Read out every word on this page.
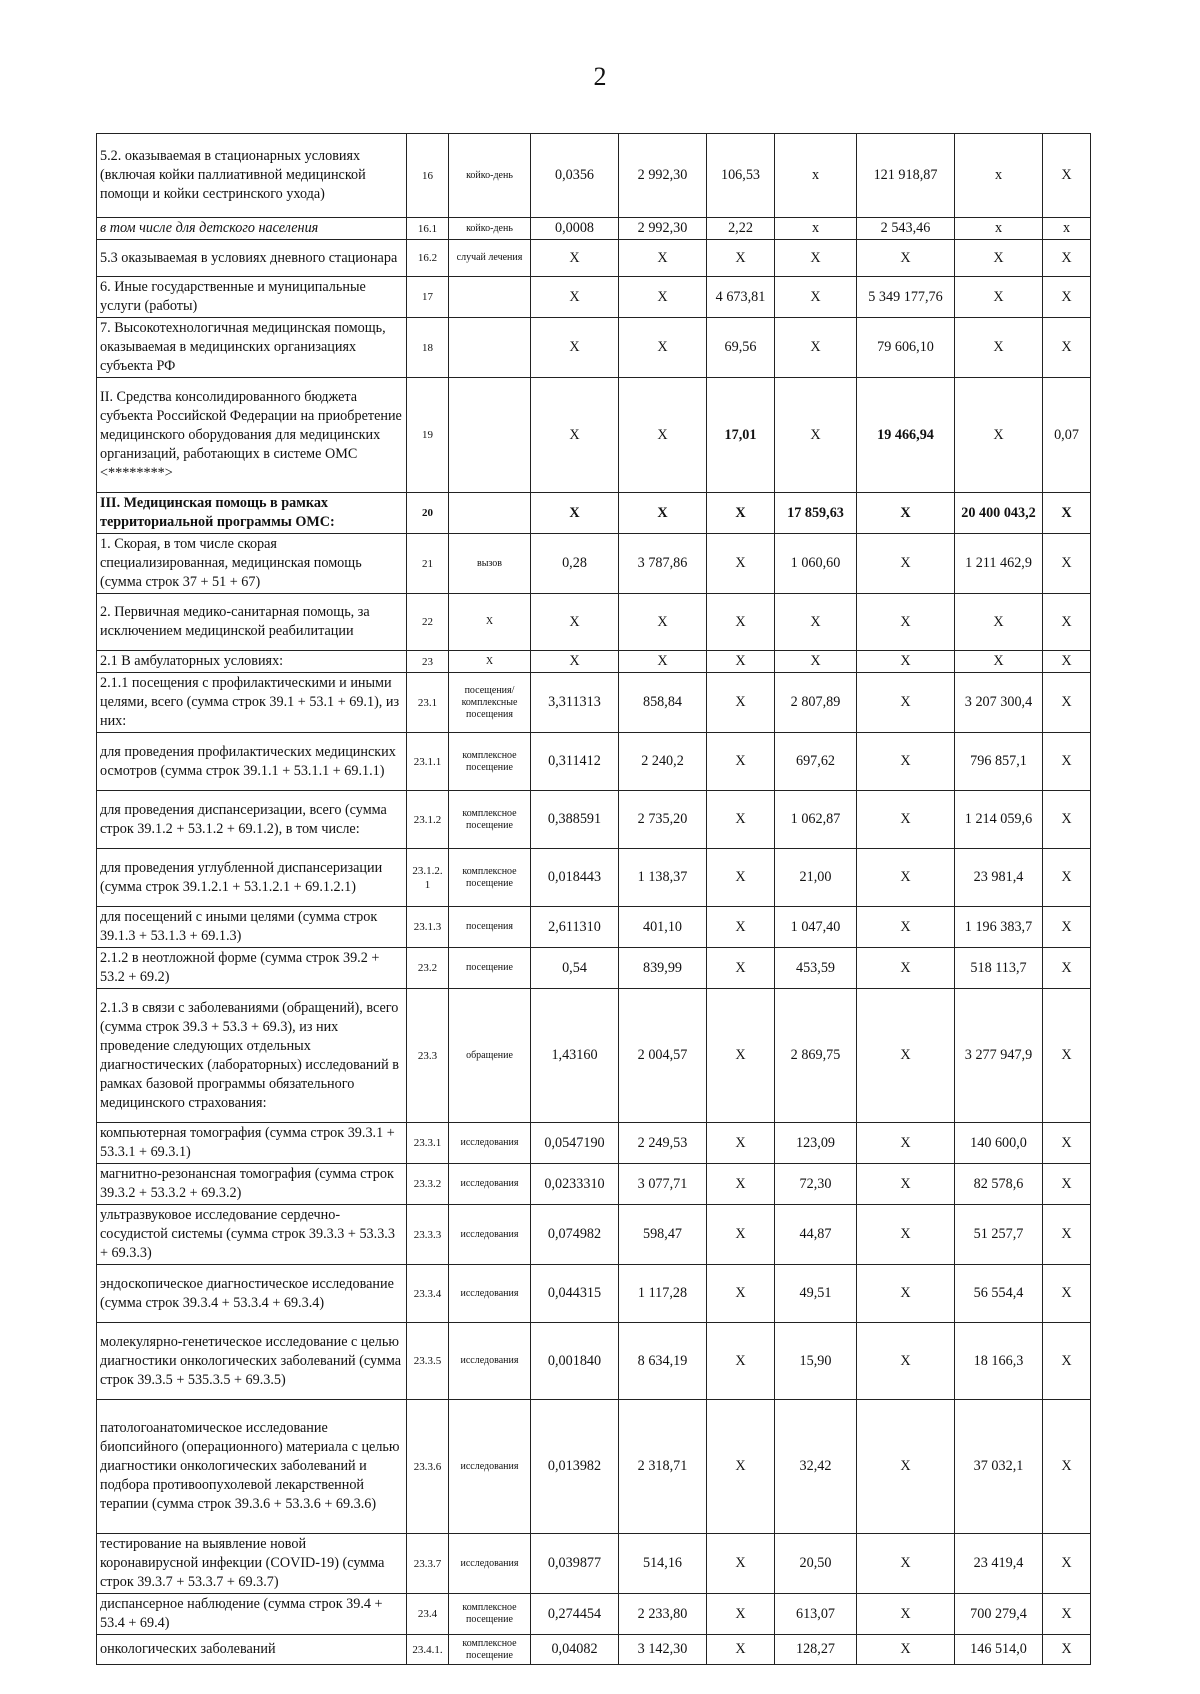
2
5.2. оказываемая в стационарных условиях (включая койки паллиативной медицинской помощи и койки сестринского ухода)	16	койко-день	0,0356	2 992,30	106,53	х	121 918,87	х	Х
в том числе для детского населения	16.1	койко-день	0,0008	2 992,30	2,22	х	2 543,46	х	х
5.3 оказываемая в условиях дневного стационара	16.2	случай лечения	Х	Х	Х	Х	Х	Х	Х
6. Иные государственные и муниципальные услуги (работы)	17		Х	Х	4 673,81	Х	5 349 177,76	Х	Х
7. Высокотехнологичная медицинская помощь, оказываемая в медицинских организациях субъекта РФ	18		Х	Х	69,56	Х	79 606,10	Х	Х
II. Средства консолидированного бюджета субъекта Российской Федерации на приобретение медицинского оборудования для медицинских организаций, работающих в системе ОМС <********>	19		Х	Х	17,01	Х	19 466,94	Х	0,07
III. Медицинская помощь в рамках территориальной программы ОМС:	20		Х	Х	Х	17 859,63	Х	20 400 043,2	Х
1. Скорая, в том числе скорая специализированная, медицинская помощь (сумма строк 37 + 51 + 67)	21	вызов	0,28	3 787,86	Х	1 060,60	Х	1 211 462,9	Х
2. Первичная медико-санитарная помощь, за исключением медицинской реабилитации	22	Х	Х	Х	Х	Х	Х	Х	Х
2.1 В амбулаторных условиях:	23	Х	Х	Х	Х	Х	Х	Х	Х
2.1.1 посещения с профилактическими и иными целями, всего (сумма строк 39.1 + 53.1 + 69.1), из них:	23.1	посещения/ комплексные посещения	3,311313	858,84	Х	2 807,89	Х	3 207 300,4	Х
для проведения профилактических медицинских осмотров (сумма строк 39.1.1 + 53.1.1 + 69.1.1)	23.1.1	комплексное посещение	0,311412	2 240,2	Х	697,62	Х	796 857,1	Х
для проведения диспансеризации, всего (сумма строк 39.1.2 + 53.1.2 + 69.1.2), в том числе:	23.1.2	комплексное посещение	0,388591	2 735,20	Х	1 062,87	Х	1 214 059,6	Х
для проведения углубленной диспансеризации (сумма строк 39.1.2.1 + 53.1.2.1 + 69.1.2.1)	23.1.2. 1	комплексное посещение	0,018443	1 138,37	Х	21,00	Х	23 981,4	Х
для посещений с иными целями (сумма строк 39.1.3 + 53.1.3 + 69.1.3)	23.1.3	посещения	2,611310	401,10	Х	1 047,40	Х	1 196 383,7	Х
2.1.2 в неотложной форме (сумма строк 39.2 + 53.2 + 69.2)	23.2	посещение	0,54	839,99	Х	453,59	Х	518 113,7	Х
2.1.3 в связи с заболеваниями (обращений), всего (сумма строк 39.3 + 53.3 + 69.3), из них проведение следующих отдельных диагностических (лабораторных) исследований в рамках базовой программы обязательного медицинского страхования:	23.3	обращение	1,43160	2 004,57	Х	2 869,75	Х	3 277 947,9	Х
компьютерная томография (сумма строк 39.3.1 + 53.3.1 + 69.3.1)	23.3.1	исследования	0,0547190	2 249,53	Х	123,09	Х	140 600,0	Х
магнитно-резонансная томография (сумма строк 39.3.2 + 53.3.2 + 69.3.2)	23.3.2	исследования	0,0233310	3 077,71	Х	72,30	Х	82 578,6	Х
ультразвуковое исследование сердечно-сосудистой системы (сумма строк 39.3.3 + 53.3.3 + 69.3.3)	23.3.3	исследования	0,074982	598,47	Х	44,87	Х	51 257,7	Х
эндоскопическое диагностическое исследование (сумма строк 39.3.4 + 53.3.4 + 69.3.4)	23.3.4	исследования	0,044315	1 117,28	Х	49,51	Х	56 554,4	Х
молекулярно-генетическое исследование с целью диагностики онкологических заболеваний (сумма строк 39.3.5 + 535.3.5 + 69.3.5)	23.3.5	исследования	0,001840	8 634,19	Х	15,90	Х	18 166,3	Х
патологоанатомическое исследование биопсийного (операционного) материала с целью диагностики онкологических заболеваний и подбора противоопухолевой лекарственной терапии (сумма строк 39.3.6 + 53.3.6 + 69.3.6)	23.3.6	исследования	0,013982	2 318,71	Х	32,42	Х	37 032,1	Х
тестирование на выявление новой коронавирусной инфекции (COVID-19) (сумма строк 39.3.7 + 53.3.7 + 69.3.7)	23.3.7	исследования	0,039877	514,16	Х	20,50	Х	23 419,4	Х
диспансерное наблюдение (сумма строк 39.4 + 53.4 + 69.4)	23.4	комплексное посещение	0,274454	2 233,80	Х	613,07	Х	700 279,4	Х
онкологических заболеваний	23.4.1.	комплексное посещение	0,04082	3 142,30	Х	128,27	Х	146 514,0	Х
